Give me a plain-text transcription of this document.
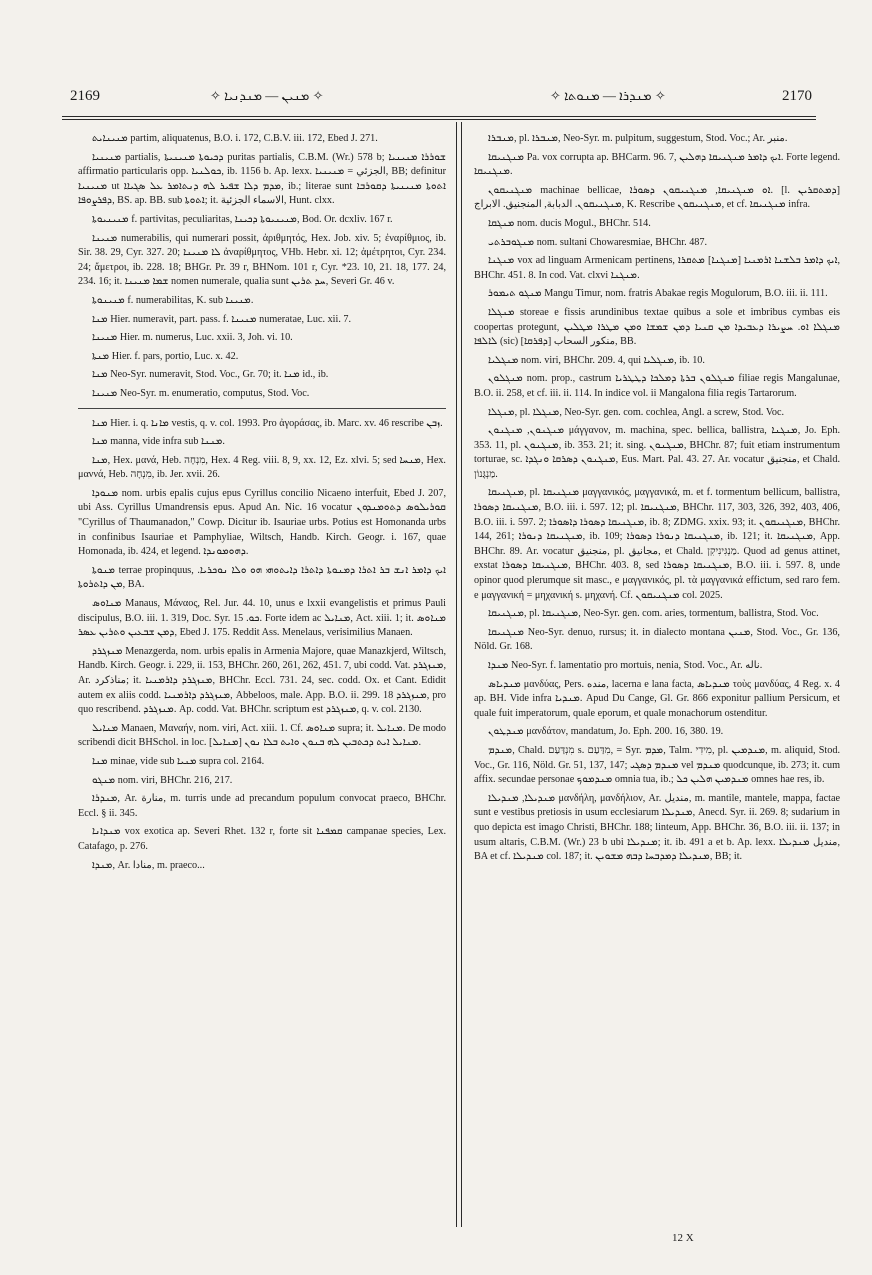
2169	✧ ܡܢܝܢ — ܡܢܕܢܝܐ ✧	✧ ܡܢܕܪܐ — ܡܢܘܬܐ ✧	2170

ܡܢܝܢܐܝܬ partim, aliquatenus, B.O. i. 172, C.B.V. iii. 172, Ebed J. 271.

ܡܢܝܢܝܐ partialis, ܕܟܝܘܬܐ ܡܢܝܢܝܬܐ puritas partialis, C.B.M. (Wr.) 578 b; ܫܘܪܪܐ ܡܢܝܢܝܐ affirmatio particularis opp. ܟܘܠܢܝܐ, ib. 1156 b. Ap. lexx. الجزئي = ܡܢܝܢܝܐ, BB; definitur ܡܢܝܢܝܐ ut ܡܕܡ ܕܠܐ ܫܦܝܪ ܠܗ ܕܢܬܐܡܪ ܥܠ ܣܓܝܐܐ, ib.; literae sunt ܐܬܘܬܐ ܡܢܝܢܝܬܐ ܕܩܘܪܒܐ ܕܦܪܨܘܦܐ, BS. ap. BB. sub ܐܬܘܬܐ; it. الاسماء الجزئية, Hunt. clxx.

ܡܢܝܢܝܘܬܐ f. partivitas, peculiaritas, ܡܢܝܢܝܘܬܐ ܕܟܝܢܐ, Bod. Or. dcxliv. 167 r.

ܡܢܝܢܐ numerabilis, qui numerari possit, ἀριθμητός, Hex. Job. xiv. 5; ἐναρίθμιος, ib. Sir. 38. 29, Cyr. 327. 20; ܠܐ ܡܢܝܢܐ ἀναρίθμητος, VHb. Hebr. xi. 12; ἀμέτρητοι, Cyr. 234. 24; ἄμετροι, ib. 228. 18; BHGr. Pr. 39 r, BHNom. 101 r, Cyr. *23. 10, 21. 18, 177. 24, 234. 16; it. ܫܡܐ ܡܢܝܢܐ nomen numerale, qualia sunt ܚܕ ܬܪܝܢ, Severi Gr. 46 v.

ܡܢܝܢܘܬܐ f. numerabilitas, K. sub ܡܢܝܢܐ.

ܡܢܐ Hier. numeravit, part. pass. f. ܡܢܝܢܐ numeratae, Luc. xii. 7.

ܡܢܝܢܐ Hier. m. numerus, Luc. xxii. 3, Joh. vi. 10.

ܡܢܬܐ Hier. f. pars, portio, Luc. x. 42.

ܡܢܐ Neo-Syr. numeravit, Stod. Voc., Gr. 70; it. ܡܢܐ id., ib.

ܡܢܝܢܐ Neo-Syr. m. enumeratio, computus, Stod. Voc.

ܡܢܐ Hier. i. q. ܡܐܢܐ vestis, q. v. col. 1993. Pro ἀγοράσας, ib. Marc. xv. 46 rescribe ܙܒܢ.

ܡܢܐ manna, vide infra sub ܡܢܢܐ.

ܡܢܐ, Hex. μανά, Heb. מִנְחָה, Hex. 4 Reg. viii. 8, 9, xx. 12, Ez. xlvi. 5; sed ܡܢܚܐ, Hex. μαννά, Heb. מִנְחָה, ib. Jer. xvii. 26.

ܡܢܘܕܐ nom. urbis epalis cujus epus Cyrillus concilio Nicaeno interfuit, Ebed J. 207, ubi Ass. Cyrillus Umandrensis epus. Apud An. Nic. 16 vocatur ܩܘܪܝܠܘܣ ܕܬܘܡܢܕܘܢ "Cyrillus of Thaumanadon," Cowp. Dicitur ib. Isauriae urbs. Potius est Homonanda urbs in confinibus Isauriae et Pamphyliae, Wiltsch, Handb. Kirch. Geogr. i. 167, quae Homonada, ib. 424, et legend. ܕܗܘܡܘܢܕܐ.

ܡܢܘܬܐ terrae propinquus, ܐܝܟ ܕܐܡܪ ܐܢܫ ܒܪ ܐܬܪܐ ܕܡܢܘܬܐ ܕܐܬܪܐ ܕܐܝܬܘܗܝ ܗܘ ܘܠܐ ܢܘܟܪܝܐ. ܡܢ ܕܐܬܪܘܬܐ, BA.

ܡܢܐܘܣ Manaus, Μάναος, Rel. Jur. 44. 10, unus e lxxii evangelistis et primus Pauli discipulus, B.O. iii. 1. 319, Doc. Syr. ܟܘ. 15. Forte idem ac ܡܢܐܝܠ, Act. xiii. 1; it. ܡܢܐܘܣ ܕܡܢ ܫܒܥܝܢ ܘܬܪܝܢ ܥܣܪ, Ebed J. 175. Reddit Ass. Menelaus, verisimilius Manaen.

ܡܢܙܓܪܕ Menazgerda, nom. urbis epalis in Armenia Majore, quae Manazkjerd, Wiltsch, Handb. Kirch. Geogr. i. 229, ii. 153, BHChr. 260, 261, 262, 451. 7, ubi codd. Vat. ܡܢܙܓܪܕ, Ar. مناذكرد; it. ܡܢܙܓܪܕ ܕܐܪܡܢܝܐ, BHChr. Eccl. 731. 24, sec. codd. Ox. et Cant. Edidit autem ex aliis codd. ܡܢܙܓܪܕ ܕܐܪܡܢܝܐ, Abbeloos, male. App. B.O. ii. 299. 18 ܡܢܙܓܪܕ, pro quo rescribend. ܡܢܙܓܪܕ. Ap. codd. Vat. BHChr. scriptum est ܡܢܙܓܪܕ, q. v. col. 2130.

ܡܢܐܝܠ Manaen, Μαναήν, nom. viri, Act. xiii. 1. Cf. ܡܢܐܘܣ supra; it. ܡܢܐܝܠ. De modo scribendi dicit BHSchol. in loc. ܡܢܐܝܠ ܐܝܬ ܕܟܬܒܝܢ ܠܗ ܒܢܘܢ ܘܐܝܬ ܒܠܐ ܢܘܢ [ܡܢܐܝܠ].

ܡܢܐ minae, vide sub ܡܢܝܐ supra col. 2164.

ܡܢܓܘ nom. viri, BHChr. 216, 217.

ܡܢܕܪܐ, Ar. منارة, m. turris unde ad precandum populum convocat praeco, BHChr. Eccl. § ii. 345.

ܡܢܕܐܢܐ vox exotica ap. Severi Rhet. 132 r, forte sit ܩܡܦܢܐ campanae species, Lex. Catafago, p. 276.

ܡܢܕܐ, Ar. منادا, m. praeco...

ܡܢܒܪܐ, pl. ܡܢܒܪܐ, Neo-Syr. m. pulpitum, suggestum, Stod. Voc.; Ar. منبر.

ܡܢܓܢܝܩܐ Pa. vox corrupta ap. BHCarm. 96. 7, ܐܝܟ ܕܐܡܪ ܡܢܓܢܝܩܐ ܕܗܠܝܢ. Forte legend. ܡܢܓܢܝܩܐ.

ܡܢܓܢܝܩܘܢ machinae bellicae, ܐܘ ܡܢܓܢܝܩܐ, ܡܢܓܢܝܩܘܢ ܕܣܘܪܐ. [l. ܕܡܬܩܪܝܢ] ܡܢܓܢܝܩܘܢ. الدبابة, المنجنيق. الابراج, K. Rescribe ܡܢܓܢܝܩܘܢ, et cf. ܡܢܓܢܝܩܐ infra.

ܡܢܓܩܐ nom. ducis Mogul., BHChr. 514.

ܡܢܓܘܒܪܬܝ nom. sultani Chowaresmiae, BHChr. 487.

ܡܢܓܢܐ vox ad linguam Armenicam pertinens, ܐܝܟ ܕܐܡܪ ܒܠܫܢܐ ܐܪܡܢܝܐ [ܡܢܓܢܐ] ܡܬܩܪܐ, BHChr. 451. 8. In cod. Vat. clxvi ܡܢܓܢܐ.

ܡܢܓܘ ܬܝܡܘܪ Mangu Timur, nom. fratris Abakae regis Mogulorum, B.O. iii. ii. 111.

ܡܢܓܠܐ storeae e fissis arundinibus textae quibus a sole et imbribus cymbas eis coopertas protegunt, ܡܢܓܠܐ ܐܘ. ܚܨܝܪܐ ܕܥܒܝܕܐ ܡܢ ܩܢܝܐ ܕܡܢ ܫܡܫܐ ܘܡܢ ܡܛܪܐ ܡܛܠܝܢ ܠܐܠܦܐ (sic) [ܕܦܪܩܐ] منكور السحاب, BB.

ܡܢܓܠܝܐ nom. viri, BHChr. 209. 4, qui ܡܢܓܠܝܐ, ib. 10.

ܡܢܓܠܘܢ nom. prop., castrum ܡܢܓܠܘܢ ܒܪܬܐ ܕܡܠܟܐ ܕܛܛܪܝܐ filiae regis Mangalunae, B.O. ii. 258, et cf. iii. ii. 114. In indice vol. ii Mangalona filia regis Tartarorum.

ܡܢܓܠܐ, pl. ܡܢܓܠܐ, Neo-Syr. gen. com. cochlea, Angl. a screw, Stod. Voc.

ܡܢܓܢܘܢ, ܡܢܓܢܘܢ μάγγανον, m. machina, spec. bellica, ballistra, ܡܢܓܢܐ, Jo. Eph. 353. 11, pl. ܡܢܓܢܘܢ, ib. 353. 21; it. sing. ܡܢܓܢܘܢ, BHChr. 87; fuit etiam instrumentum torturae, sc. ܡܢܓܢܘܢ ܕܣܪܩܐ ܘܢܓܕܐ, Eus. Mart. Pal. 43. 27. Ar. vocatur منجنيق, et Chald. מַנְגָּנוֹן.

ܡܢܓܢܝܩܐ, pl. ܡܢܓܢܝܩܐ μαγγανικός, μαγγανικά, m. et f. tormentum bellicum, ballistra, ܡܢܓܢܝܩܐ ܕܣܘܪܐ, B.O. iii. i. 597. 12; pl. ܡܢܓܢܝܩܐ, BHChr. 117, 303, 326, 392, 403, 406, B.O. iii. i. 597. 2; ܡܢܓܢܝܩܐ ܕܣܘܪܐ ܕܐܣܘܪܐ, ib. 8; ZDMG. xxix. 93; it. ܡܢܓܢܝܩܘܢ, BHChr. 144, 261; ܡܢܓܢܝܩܐ ܕܢܘܪܐ, ib. 109; ܡܢܓܢܝܩܐ ܕܢܘܪܐ ܕܣܘܪܐ, ib. 121; it. ܡܢܓܢܝܩܐ, App. BHChr. 89. Ar. vocatur منجنيق, pl. مجانيق, et Chald. מַנְגִּינִיקִן. Quod ad genus attinet, exstat ܡܢܓܢܝܩܐ ܕܣܘܪܐ, BHChr. 403. 8, sed ܡܢܓܢܝܩܐ ܕܣܘܪܐ, B.O. iii. i. 597. 8, unde opinor quod plerumque sit masc., e μαγγανικός, pl. τὰ μαγγανικά effictum, sed raro fem. e μαγγανική = μηχανική s. μηχανή. Cf. ܡܢܓܢܝܩܘܢ col. 2025.

ܡܢܓܢܝܩܐ, pl. ܡܢܓܢܝܩܐ, Neo-Syr. gen. com. aries, tormentum, ballistra, Stod. Voc.

ܡܢܓܢܝܩܐ Neo-Syr. denuo, rursus; it. in dialecto montana ܡܢܝܢ, Stod. Voc., Gr. 136, Nöld. Gr. 168.

ܡܢܕܐ Neo-Syr. f. lamentatio pro mortuis, nenia, Stod. Voc., Ar. ناله.

ܡܢܕܝܐܣ μανδύας, Pers. منده, lacerna e lana facta, ܡܢܕܝܐܣ τοὺς μανδύας, 4 Reg. x. 4 ap. BH. Vide infra ܡܢܕܝܐ. Apud Du Cange, Gl. Gr. 866 exponitur pallium Persicum, et quale fuit imperatorum, quale eporum, et quale monachorum ostenditur.

ܡܢܕܛܘܢ μανδάτον, mandatum, Jo. Eph. 200. 16, 380. 19.

ܡܢܕܡ, Chald. מִנְדַּעַם s. מִדַּעַם, = Syr. ܡܕܡ, Talm. מִידִי, pl. ܡܢܕܡܝܢ, m. aliquid, Stod. Voc., Gr. 116, Nöld. Gr. 51, 137, 147; ܡܢܕܡ ܕܣܓܝ vel ܡܢܕܡ quodcunque, ib. 273; it. cum affix. secundae personae ܡܢܕܡܘܟ omnia tua, ib.; ܡܢܕܡܝܢ ܗܠܝܢ ܟܠ omnes hae res, ib.

ܡܢܕܝܠܐ, ܡܢܕܝܠܐ μανδήλη, μανδήλιον, Ar. منديل, m. mantile, mantele, mappa, factae sunt e vestibus pretiosis in usum ecclesiarum ܡܢܕܝܠܐ, Anecd. Syr. ii. 269. 8; sudarium in quo depicta est imago Christi, BHChr. 188; linteum, App. BHChr. 36, B.O. iii. ii. 137; in usum altaris, C.B.M. (Wr.) 23 b ubi ܡܢܕܝܠܐ; it. ib. 491 a et b. Ap. lexx. منديل ܡܢܕܝܠܐ, BA et cf. ܡܢܕܝܠܐ col. 187; it. ܡܢܕܝܠܐ ܕܡܕܒܚܐ ܕܒܗ ܡܫܘܝܢ, BB; it.

12 X
